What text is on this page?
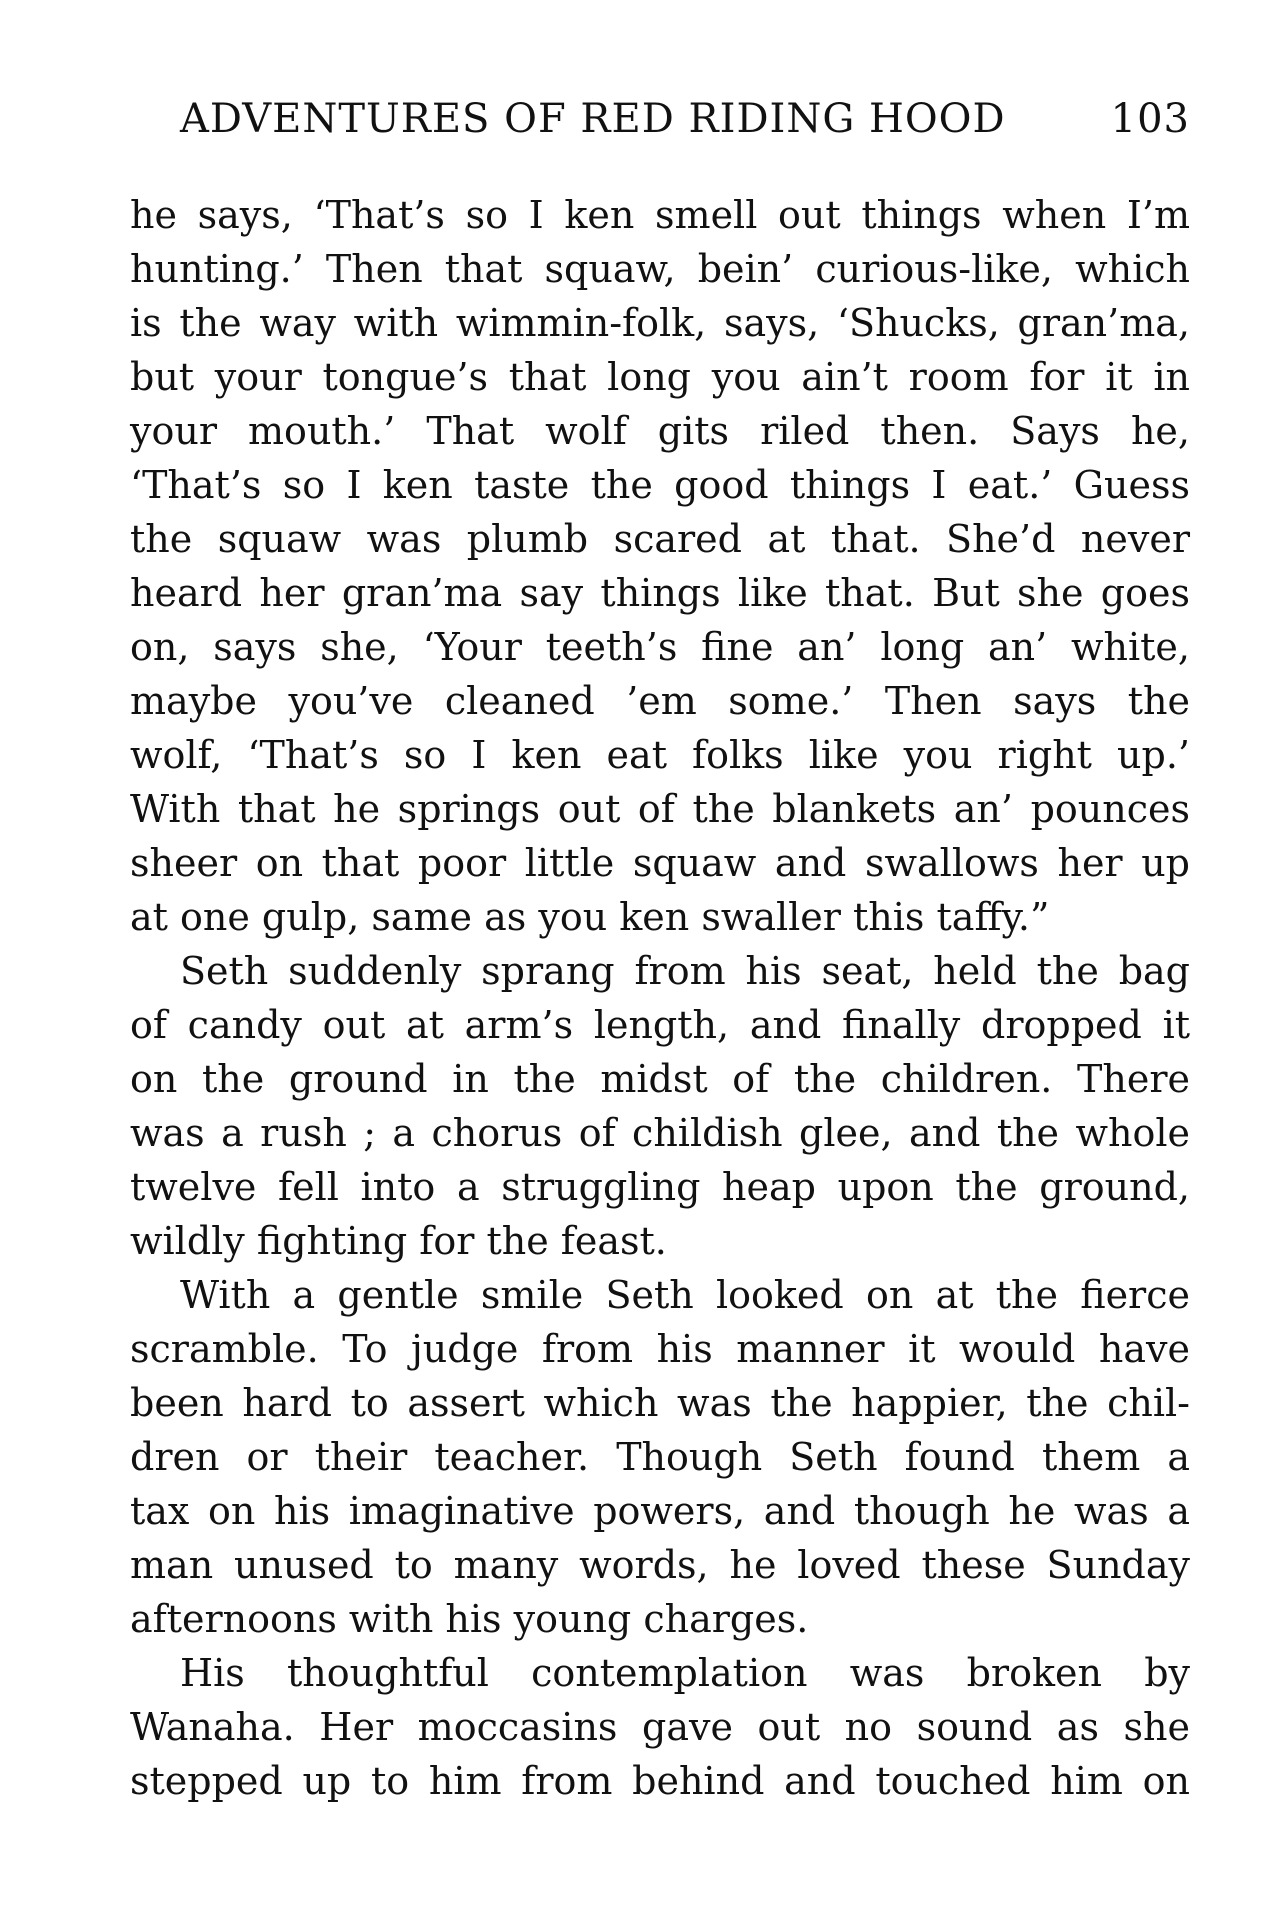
ADVENTURES OF RED RIDING HOOD	103
he says, ‘That’s so I ken smell out things when I’m
hunting.’ Then that squaw, bein’ curious-like, which
is the way with wimmin-folk, says, ‘Shucks, gran’ma,
but your tongue’s that long you ain’t room for it in
your mouth.’ That wolf gits riled then. Says he,
‘That’s so I ken taste the good things I eat.’ Guess
the squaw was plumb scared at that. She’d never
heard her gran’ma say things like that. But she goes
on, says she, ‘Your teeth’s fine an’ long an’ white,
maybe you’ve cleaned ’em some.’ Then says the
wolf, ‘That’s so I ken eat folks like you right up.’
With that he springs out of the blankets an’ pounces
sheer on that poor little squaw and swallows her up
at one gulp, same as you ken swaller this taffy.”
Seth suddenly sprang from his seat, held the bag
of candy out at arm’s length, and finally dropped it
on the ground in the midst of the children. There
was a rush ; a chorus of childish glee, and the whole
twelve fell into a struggling heap upon the ground,
wildly fighting for the feast.
With a gentle smile Seth looked on at the fierce
scramble. To judge from his manner it would have
been hard to assert which was the happier, the chil-
dren or their teacher. Though Seth found them a
tax on his imaginative powers, and though he was a
man unused to many words, he loved these Sunday
afternoons with his young charges.
His thoughtful contemplation was broken by
Wanaha. Her moccasins gave out no sound as she
stepped up to him from behind and touched him on
